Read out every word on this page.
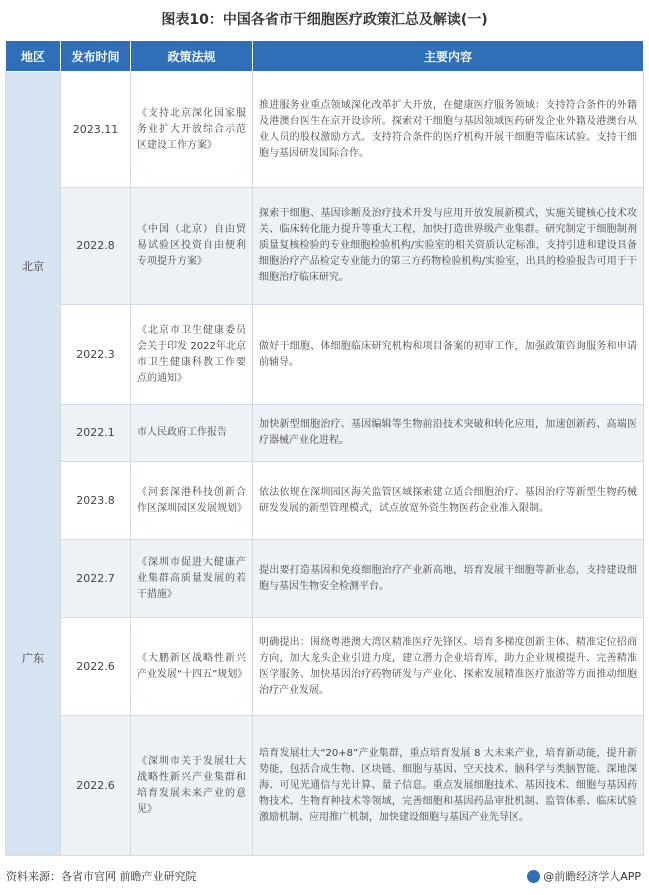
图表10：中国各省市干细胞医疗政策汇总及解读(一)
地区	发布时间	政策法规	主要内容
北京	2023.11	《支持北京深化国家服务业扩大开放综合示范区建设工作方案》	推进服务业重点领域深化改革扩大开放，在健康医疗服务领域：支持符合条件的外籍及港澳台医生在京开设诊所。探索对干细胞与基因领域医药研发企业外籍及港澳台从业人员的股权激励方式。支持符合条件的医疗机构开展干细胞等临床试验。支持干细胞与基因研发国际合作。
	2022.8	《中国（北京）自由贸易试验区投资自由便利专项提升方案》	探索干细胞、基因诊断及治疗技术开发与应用开放发展新模式，实施关键核心技术攻关、临床转化能力提升等重大工程，加快打造世界级产业集群。研究制定干细胞制剂质量复核检验的专业细胞检验机构/实验室的相关资质认定标准，支持引进和建设具备细胞治疗产品检定专业能力的第三方药物检验机构/实验室，出具的检验报告可用于干细胞治疗临床研究。
	2022.3	《北京市卫生健康委员会关于印发 2022年北京市卫生健康科教工作要点的通知》	做好干细胞、体细胞临床研究机构和项目备案的初审工作，加强政策咨询服务和申请前辅导。
	2022.1	市人民政府工作报告	加快新型细胞治疗、基因编辑等生物前沿技术突破和转化应用，加速创新药、高端医疗器械产业化进程。
广东	2023.8	《河套深港科技创新合作区深圳园区发展规划》	依法依规在深圳园区海关监管区域探索建立适合细胞治疗、基因治疗等新型生物药械研发发展的新型管理模式，试点放宽外资生物医药企业准入限制。
	2022.7	《深圳市促进大健康产业集群高质量发展的若干措施》	提出要打造基因和免疫细胞治疗产业新高地，培育发展干细胞等新业态，支持建设细胞与基因生物安全检测平台。
	2022.6	《大鹏新区战略性新兴产业发展“十四五”规划》	明确提出：围绕粤港澳大湾区精准医疗先锋区、培育多梯度创新主体、精准定位招商方向，加大龙头企业引进力度，建立潜力企业培育库，助力企业规模提升、完善精准医学服务、加快基因治疗药物研发与产业化、探索发展精准医疗旅游等方面推动细胞治疗产业发展。
	2022.6	《深圳市关于发展壮大战略性新兴产业集群和培育发展未来产业的意见》	培育发展壮大“20+8”产业集群，重点培育发展 8 大未来产业，培育新动能，提升新势能，包括合成生物、区块链、细胞与基因、空天技术、脑科学与类脑智能、深地深海、可见光通信与光计算、量子信息。重点发展细胞技术、基因技术、细胞与基因药物技术、生物育种技术等领域，完善细胞和基因药品审批机制、监管体系、临床试验激励机制、应用推广机制，加快建设细胞与基因产业先导区。
资料来源：各省市官网 前瞻产业研究院	@前瞻经济学人APP
